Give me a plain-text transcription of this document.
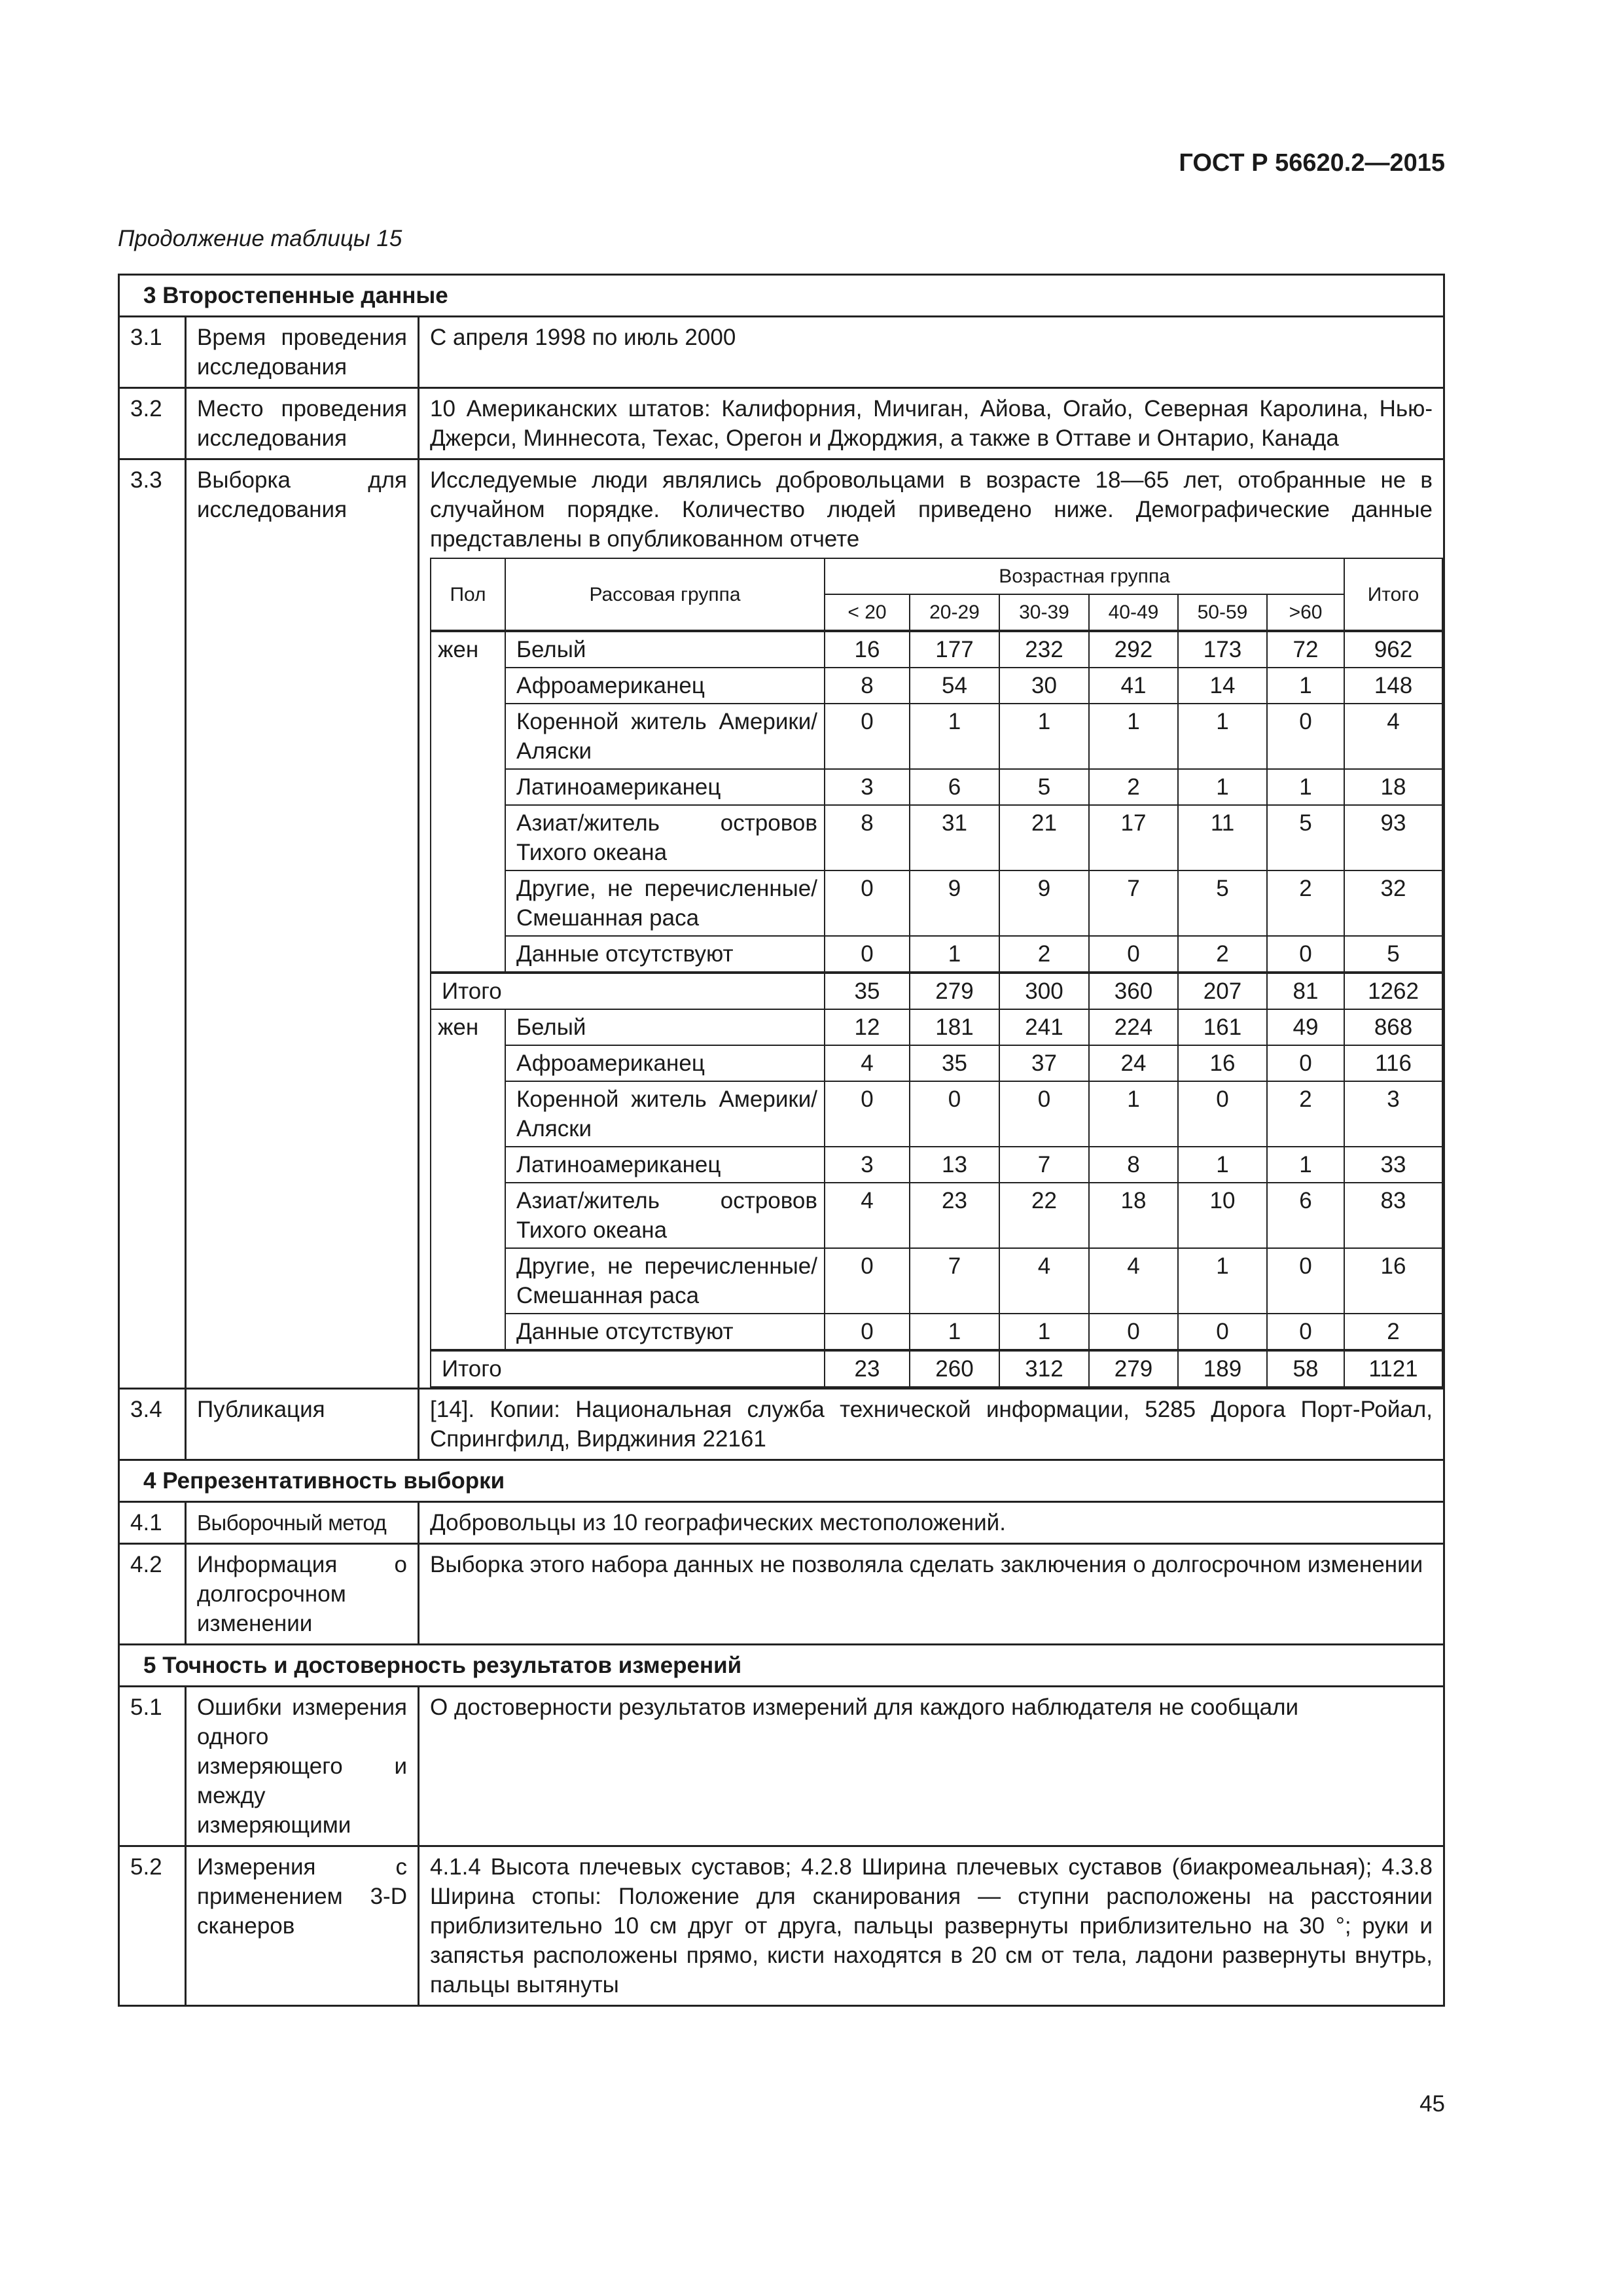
ГОСТ Р 56620.2—2015
Продолжение таблицы 15
3 Второстепенные данные
3.1	Время проведения исследования	С апреля 1998 по июль 2000
3.2	Место проведения исследования	10 Американских штатов: Калифорния, Мичиган, Айова, Огайо, Северная Каролина, Нью-Джерси, Миннесота, Техас, Орегон и Джорджия, а также в Оттаве и Онтарио, Канада
3.3	Выборка для исследования	
Исследуемые люди являлись добровольцами в возрасте 18—65 лет, отобранные не в случайном порядке. Количество людей приведено ниже. Демографические данные представлены в опубликованном отчете
Пол	Рассовая группа	Возрастная группа	Итого
< 20	20-29	30-39	40-49	50-59	>60
жен	Белый	16	177	232	292	173	72	962
Афроамериканец	8	54	30	41	14	1	148
Коренной житель Америки/Аляски	0	1	1	1	1	0	4
Латиноамериканец	3	6	5	2	1	1	18
Азиат/житель островов Тихого океана	8	31	21	17	11	5	93
Другие, не перечисленные/Смешанная раса	0	9	9	7	5	2	32
Данные отсутствуют	0	1	2	0	2	0	5
Итого	35	279	300	360	207	81	1262
жен	Белый	12	181	241	224	161	49	868
Афроамериканец	4	35	37	24	16	0	116
Коренной житель Америки/Аляски	0	0	0	1	0	2	3
Латиноамериканец	3	13	7	8	1	1	33
Азиат/житель островов Тихого океана	4	23	22	18	10	6	83
Другие, не перечисленные/Смешанная раса	0	7	4	4	1	0	16
Данные отсутствуют	0	1	1	0	0	0	2
Итого	23	260	312	279	189	58	1121

3.4	Публикация	[14]. Копии: Национальная служба технической информации, 5285 Дорога Порт-Ройал, Спрингфилд, Вирджиния 22161
4 Репрезентативность выборки
4.1	Выборочный метод	Добровольцы из 10 географических местоположений.
4.2	Информация о долгосрочном изменении	Выборка этого набора данных не позволяла сделать заключения о долгосрочном изменении
5 Точность и достоверность результатов измерений
5.1	Ошибки измерения одного измеряющего и между измеряющими	О достоверности результатов измерений для каждого наблюдателя не сообщали
5.2	Измерения с применением 3-D сканеров	4.1.4 Высота плечевых суставов; 4.2.8 Ширина плечевых суставов (биакромеальная); 4.3.8 Ширина стопы: Положение для сканирования — ступни расположены на расстоянии приблизительно 10 см друг от друга, пальцы развернуты приблизительно на 30 °; руки и запястья расположены прямо, кисти находятся в 20 см от тела, ладони развернуты внутрь, пальцы вытянуты
45
